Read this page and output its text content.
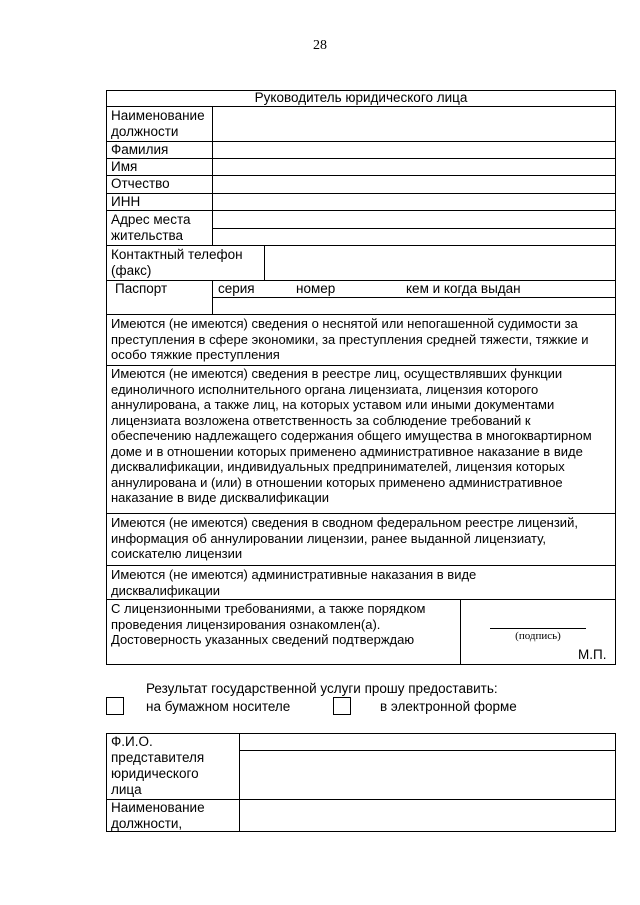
28
Руководитель юридического лица
Наименование должности
Фамилия
Имя
Отчество
ИНН
Адрес места жительства
Контактный телефон (факс)
Паспорт	серия	номер	кем и когда выдан
Имеются (не имеются) сведения о неснятой или непогашенной судимости за преступления в сфере экономики, за преступления средней тяжести, тяжкие и особо тяжкие преступления
Имеются (не имеются) сведения в реестре лиц, осуществлявших функции единоличного исполнительного органа лицензиата, лицензия которого аннулирована, а также лиц, на которых уставом или иными документами лицензиата возложена ответственность за соблюдение требований к обеспечению надлежащего содержания общего имущества в многоквартирном доме и в отношении которых применено административное наказание в виде дисквалификации, индивидуальных предпринимателей, лицензия которых аннулирована и (или) в отношении которых применено административное наказание в виде дисквалификации
Имеются (не имеются) сведения в сводном федеральном реестре лицензий, информация об аннулировании лицензии, ранее выданной лицензиату, соискателю лицензии
Имеются (не имеются) административные наказания в виде дисквалификации
С лицензионными требованиями, а также порядком проведения лицензирования ознакомлен(а).
Достоверность указанных сведений подтверждаю	(подпись)
М.П.
Результат государственной услуги прошу предоставить:
на бумажном носителе	в электронной форме
Ф.И.О. представителя юридического лица
Наименование должности,
